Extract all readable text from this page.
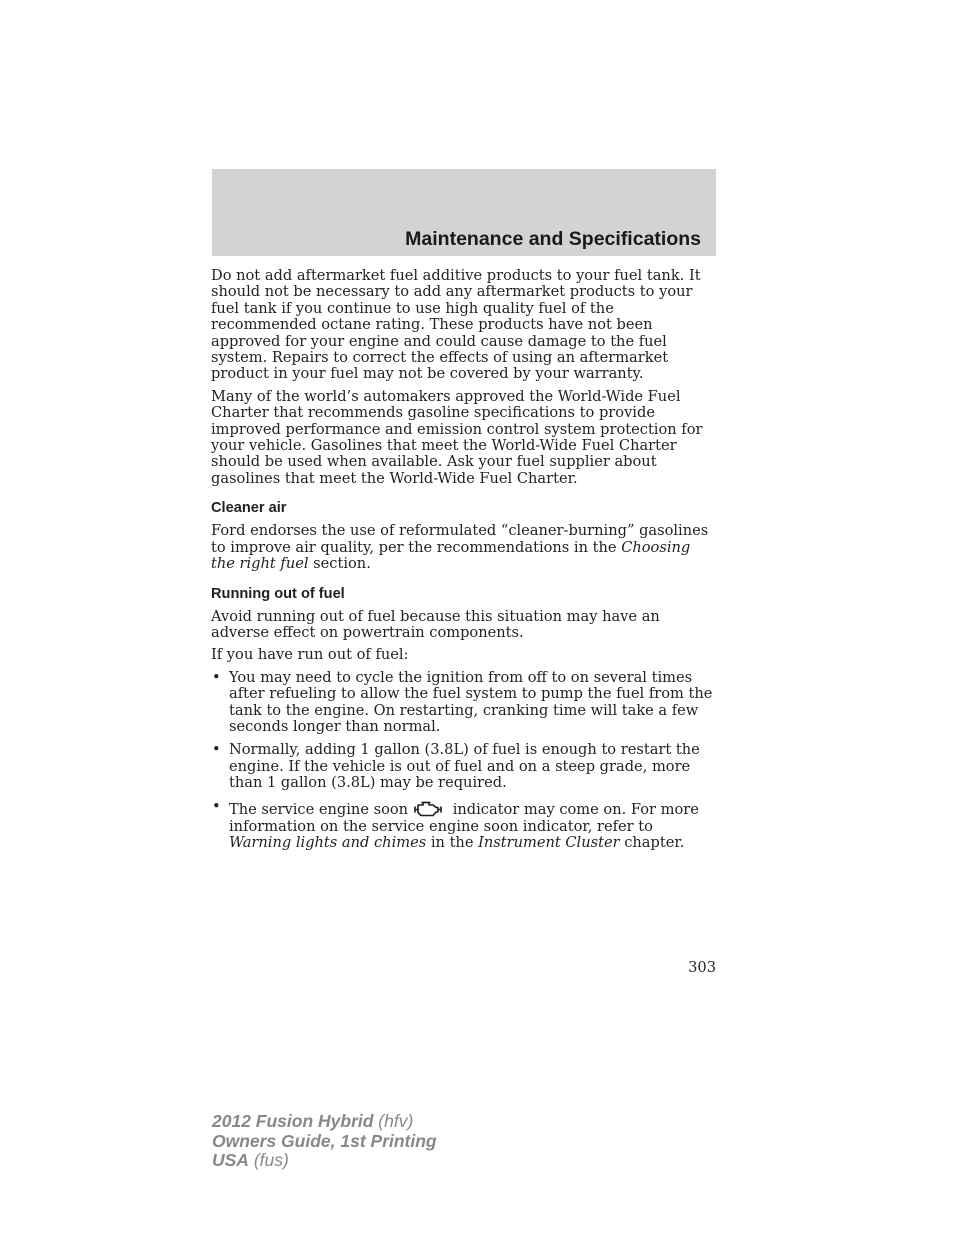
Maintenance and Specifications

Do not add aftermarket fuel additive products to your fuel tank. It should not be necessary to add any aftermarket products to your fuel tank if you continue to use high quality fuel of the recommended octane rating. These products have not been approved for your engine and could cause damage to the fuel system. Repairs to correct the effects of using an aftermarket product in your fuel may not be covered by your warranty.

Many of the world’s automakers approved the World-Wide Fuel Charter that recommends gasoline specifications to provide improved performance and emission control system protection for your vehicle. Gasolines that meet the World-Wide Fuel Charter should be used when available. Ask your fuel supplier about gasolines that meet the World-Wide Fuel Charter.

Cleaner air

Ford endorses the use of reformulated “cleaner-burning” gasolines to improve air quality, per the recommendations in the Choosing the right fuel section.

Running out of fuel

Avoid running out of fuel because this situation may have an adverse effect on powertrain components.

If you have run out of fuel:

• You may need to cycle the ignition from off to on several times after refueling to allow the fuel system to pump the fuel from the tank to the engine. On restarting, cranking time will take a few seconds longer than normal.
• Normally, adding 1 gallon (3.8L) of fuel is enough to restart the engine. If the vehicle is out of fuel and on a steep grade, more than 1 gallon (3.8L) may be required.
• The service engine soon	indicator may come on. For more information on the service engine soon indicator, refer to Warning lights and chimes in the Instrument Cluster chapter.
303
2012 Fusion Hybrid (hfv)
Owners Guide, 1st Printing
USA (fus)
